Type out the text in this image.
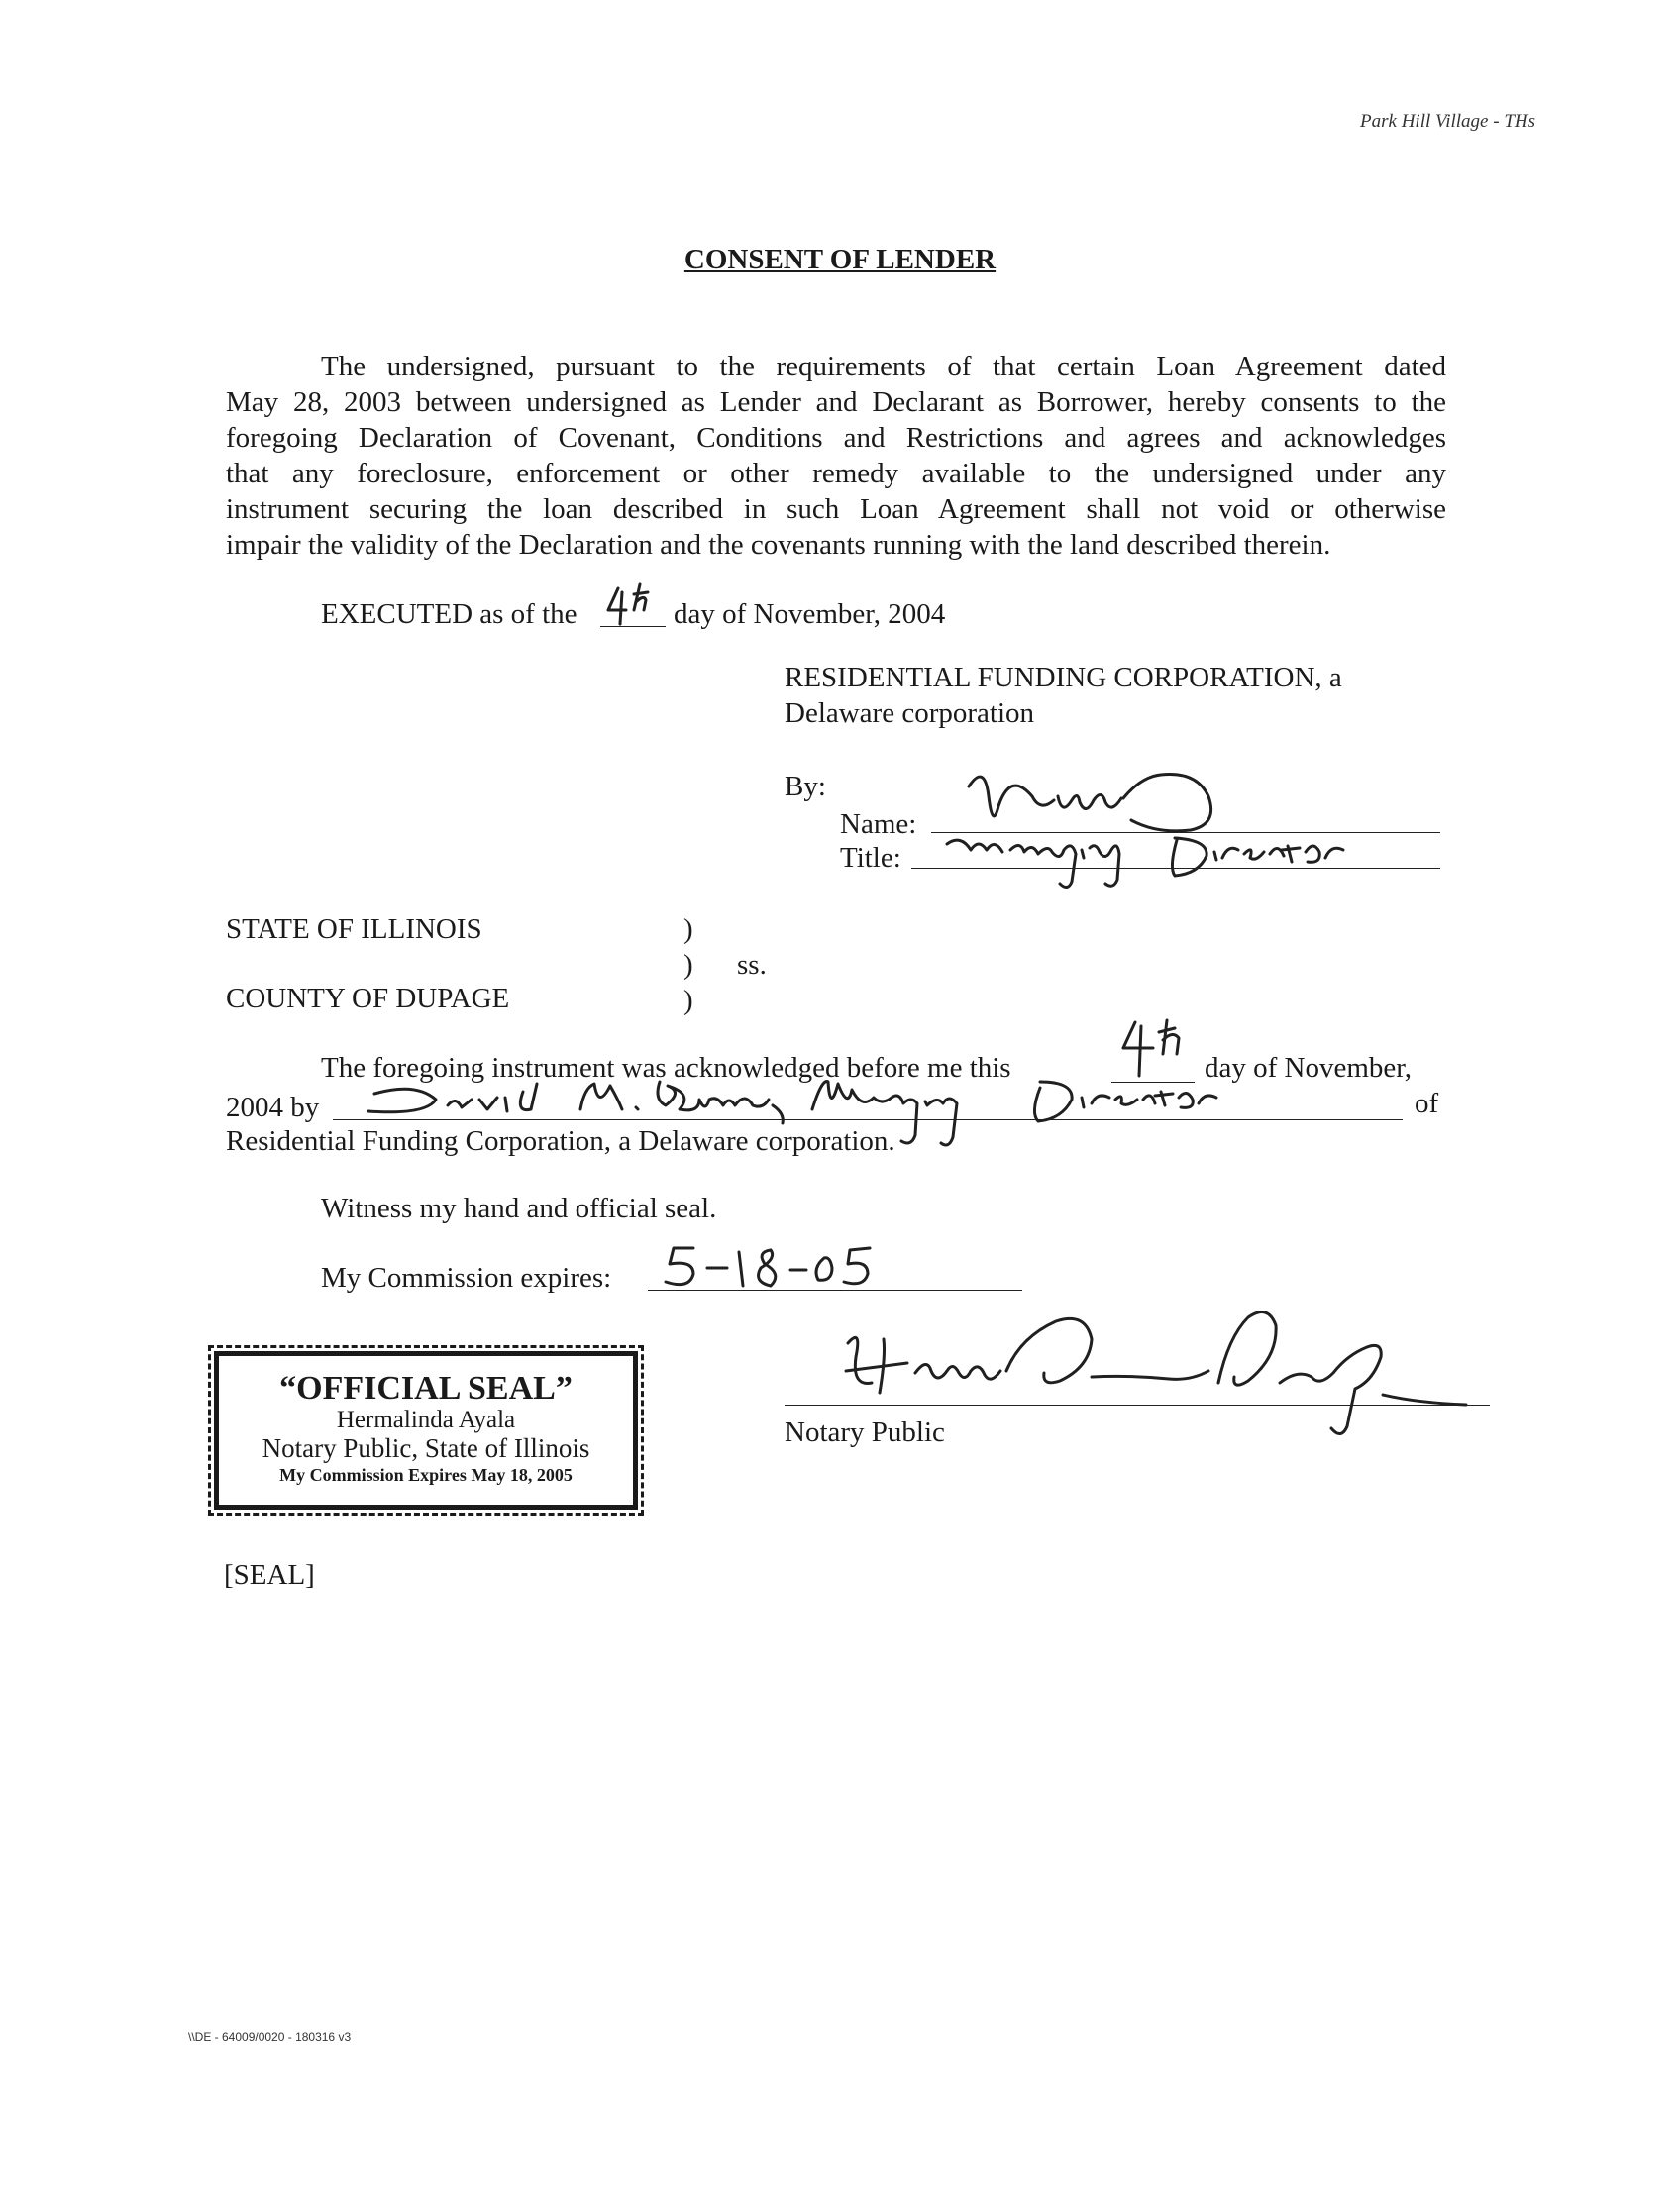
Park Hill Village - THs
CONSENT OF LENDER
The undersigned, pursuant to the requirements of that certain Loan Agreement dated
May 28, 2003 between undersigned as Lender and Declarant as Borrower, hereby consents to the
foregoing Declaration of Covenant, Conditions and Restrictions and agrees and acknowledges
that any foreclosure, enforcement or other remedy available to the undersigned under any
instrument securing the loan described in such Loan Agreement shall not void or otherwise
impair the validity of the Declaration and the covenants running with the land described therein.
EXECUTED as of the	day of November, 2004
RESIDENTIAL FUNDING CORPORATION, a
Delaware corporation
By:
Name:
Title:
STATE OF ILLINOIS	)
) ss.
COUNTY OF DUPAGE	)
The foregoing instrument was acknowledged before me this	day of November,
2004 by	of
Residential Funding Corporation, a Delaware corporation.
Witness my hand and official seal.
My Commission expires:
Notary Public
“OFFICIAL SEAL”
Hermalinda Ayala
Notary Public, State of Illinois
My Commission Expires May 18, 2005
[SEAL]
\\DE - 64009/0020 - 180316 v3
